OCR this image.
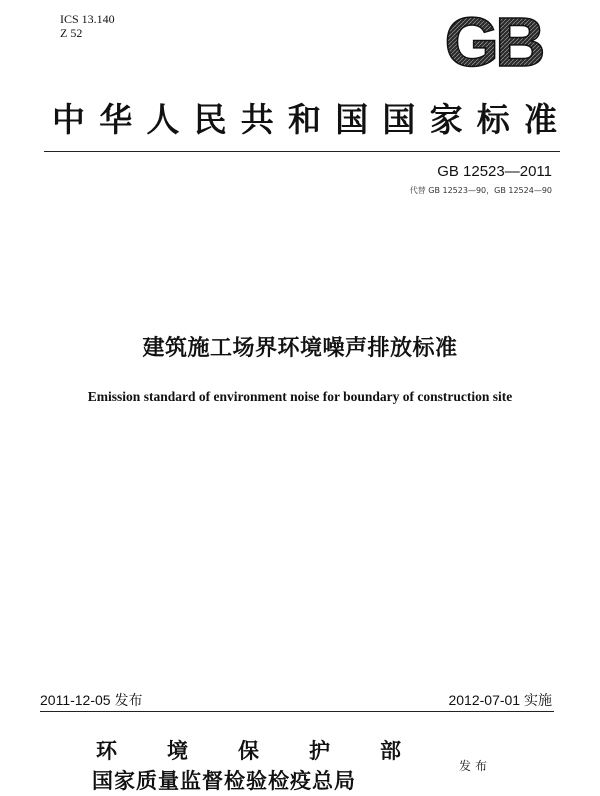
ICS 13.140
Z 52	GB
中华人民共和国国家标准
GB 12523—2011
代替 GB 12523—90，GB 12524—90
建筑施工场界环境噪声排放标准
Emission standard of environment noise for boundary of construction site
2011-12-05 发布	2012-07-01 实施
环境保护部
国家质量监督检验检疫总局
发布
